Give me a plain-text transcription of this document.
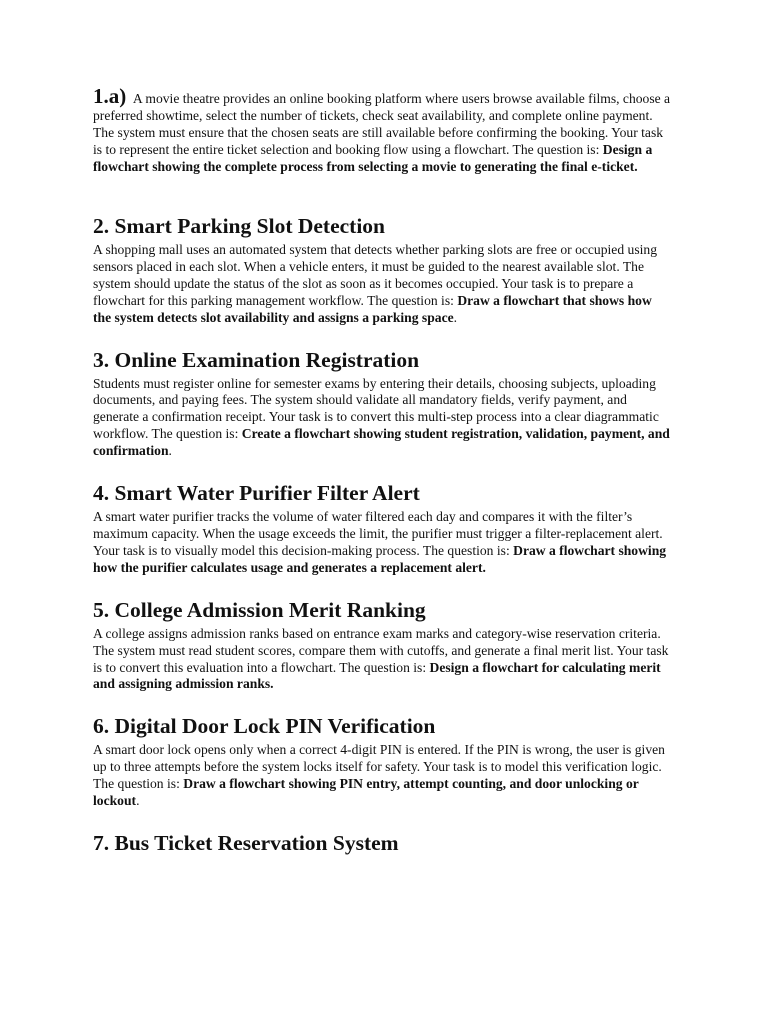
1.a) A movie theatre provides an online booking platform where users browse available films, choose a preferred showtime, select the number of tickets, check seat availability, and complete online payment. The system must ensure that the chosen seats are still available before confirming the booking. Your task is to represent the entire ticket selection and booking flow using a flowchart. The question is: Design a flowchart showing the complete process from selecting a movie to generating the final e-ticket.

2. Smart Parking Slot Detection

A shopping mall uses an automated system that detects whether parking slots are free or occupied using sensors placed in each slot. When a vehicle enters, it must be guided to the nearest available slot. The system should update the status of the slot as soon as it becomes occupied. Your task is to prepare a flowchart for this parking management workflow. The question is: Draw a flowchart that shows how the system detects slot availability and assigns a parking space.

3. Online Examination Registration

Students must register online for semester exams by entering their details, choosing subjects, uploading documents, and paying fees. The system should validate all mandatory fields, verify payment, and generate a confirmation receipt. Your task is to convert this multi-step process into a clear diagrammatic workflow. The question is: Create a flowchart showing student registration, validation, payment, and confirmation.

4. Smart Water Purifier Filter Alert

A smart water purifier tracks the volume of water filtered each day and compares it with the filter’s maximum capacity. When the usage exceeds the limit, the purifier must trigger a filter-replacement alert. Your task is to visually model this decision-making process. The question is: Draw a flowchart showing how the purifier calculates usage and generates a replacement alert.

5. College Admission Merit Ranking

A college assigns admission ranks based on entrance exam marks and category-wise reservation criteria. The system must read student scores, compare them with cutoffs, and generate a final merit list. Your task is to convert this evaluation into a flowchart. The question is: Design a flowchart for calculating merit and assigning admission ranks.

6. Digital Door Lock PIN Verification

A smart door lock opens only when a correct 4-digit PIN is entered. If the PIN is wrong, the user is given up to three attempts before the system locks itself for safety. Your task is to model this verification logic. The question is: Draw a flowchart showing PIN entry, attempt counting, and door unlocking or lockout.

7. Bus Ticket Reservation System
